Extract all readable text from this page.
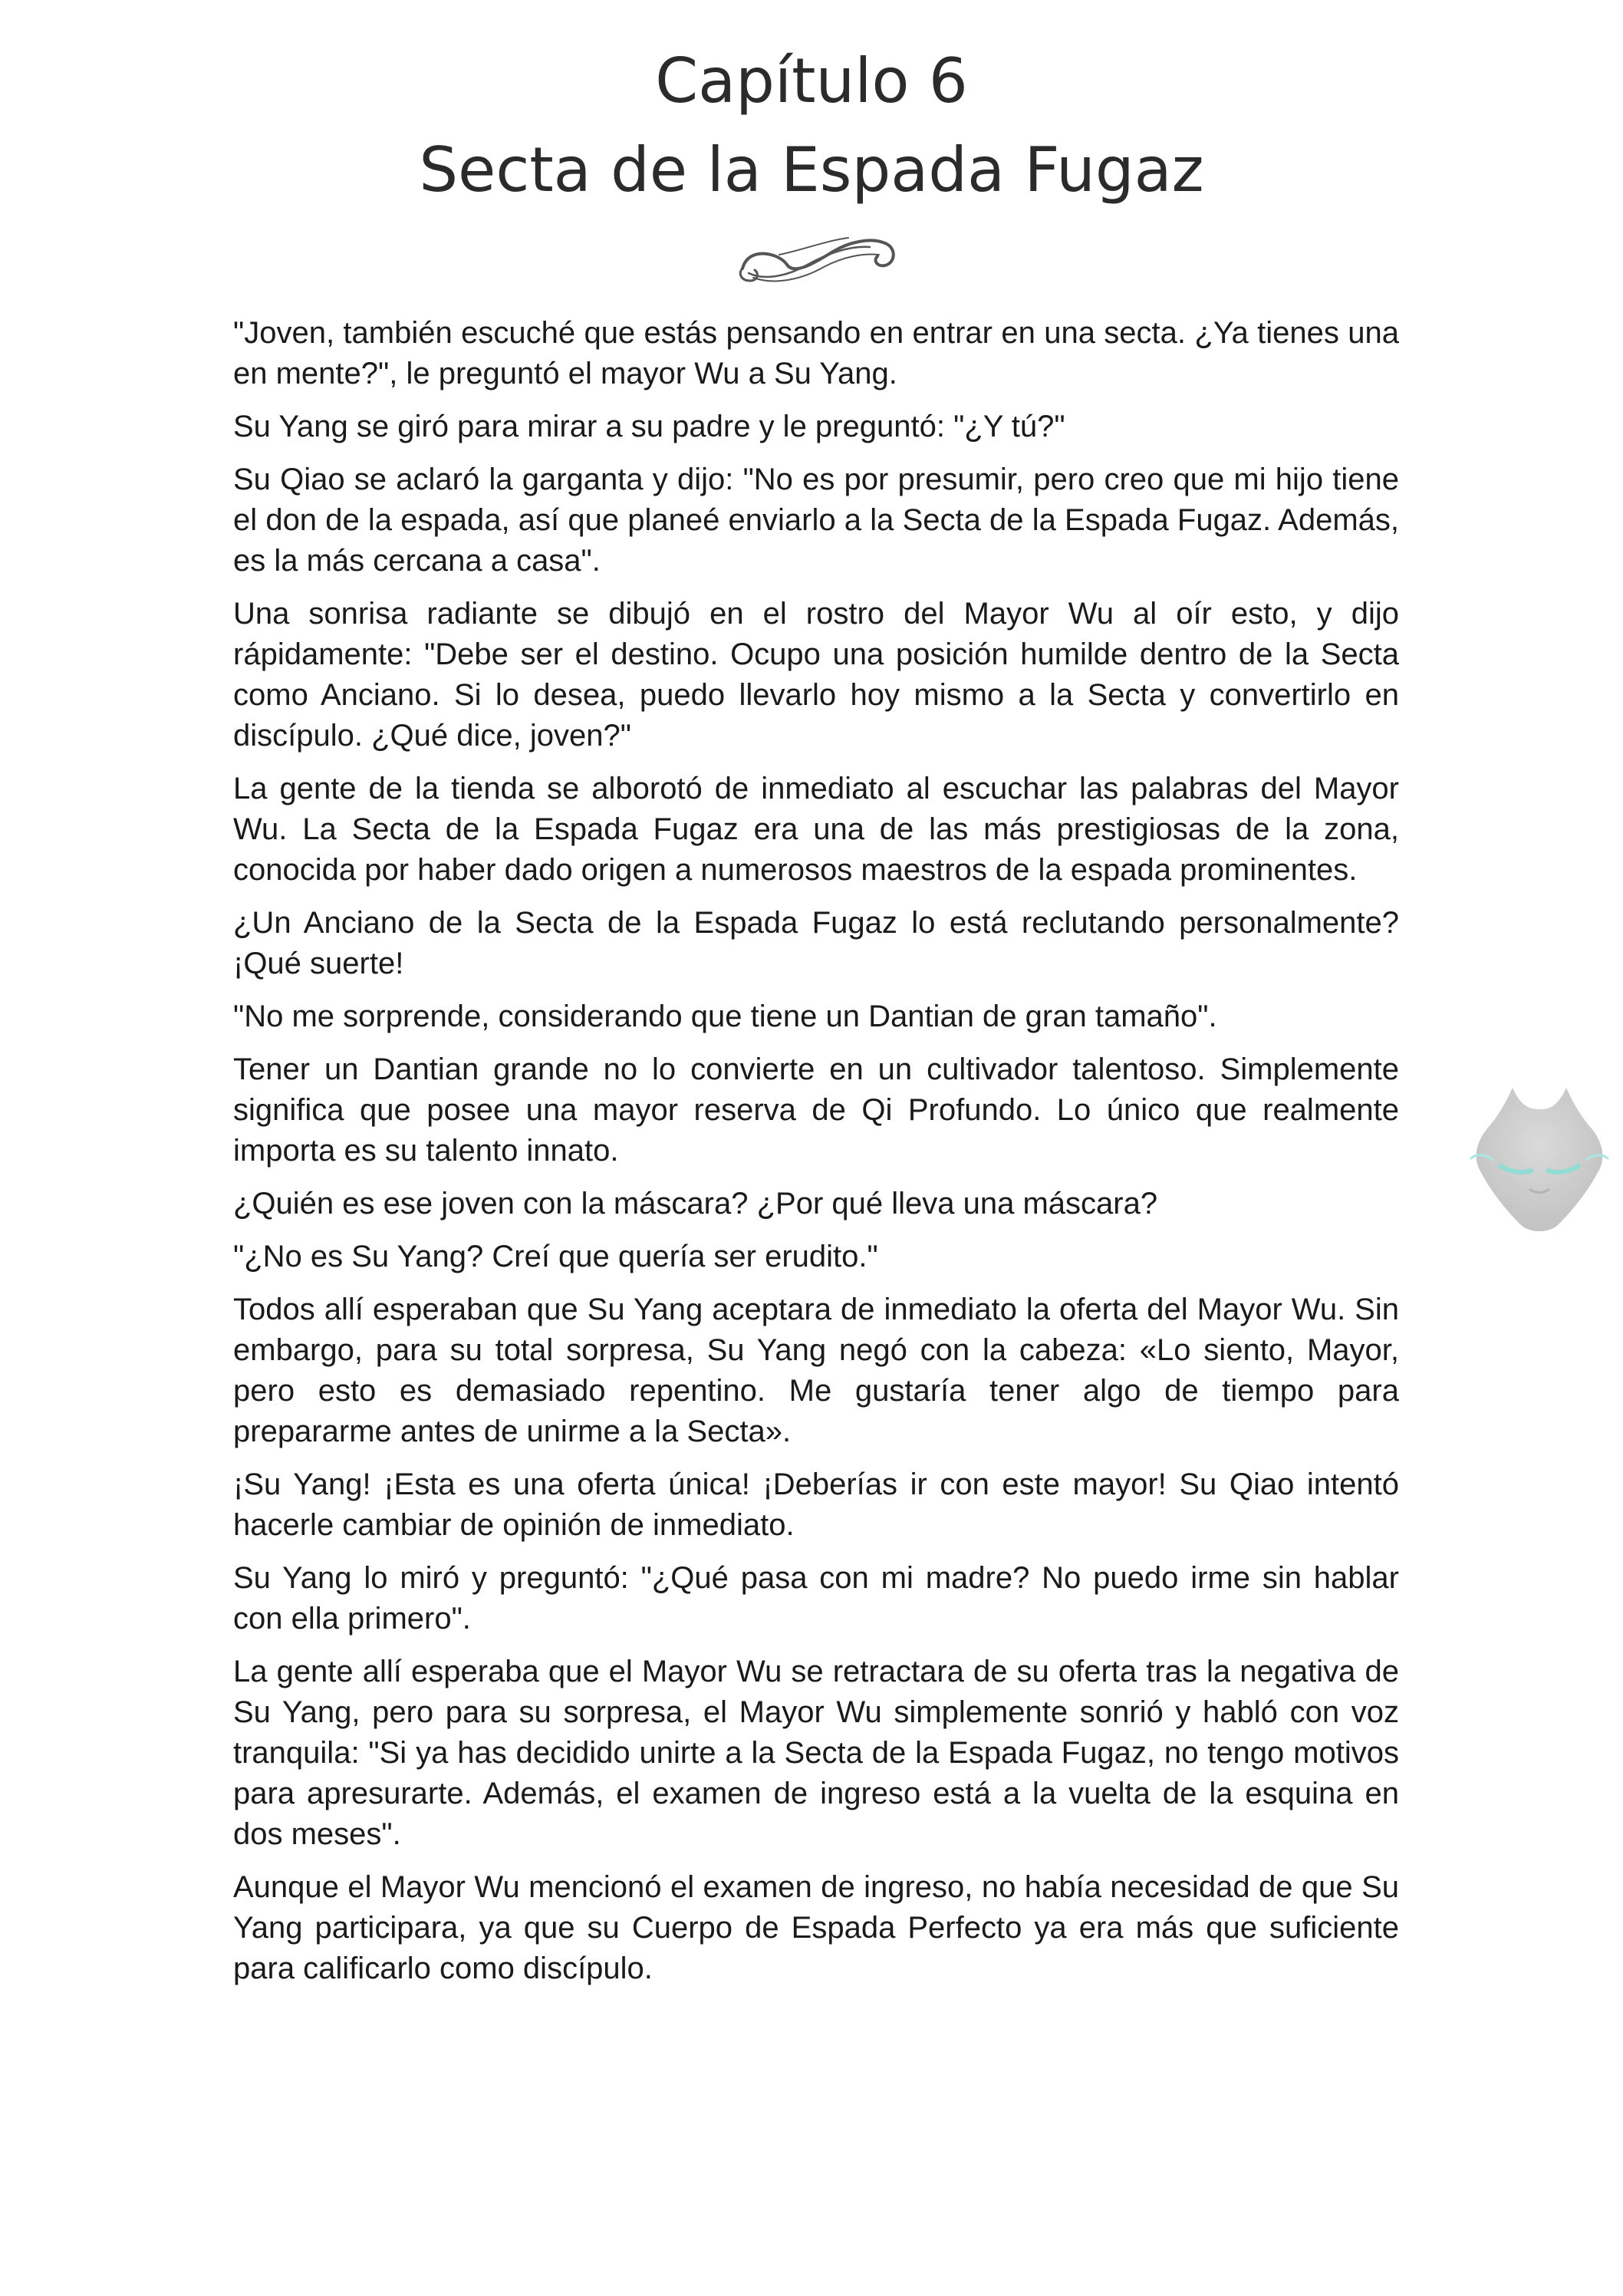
Capítulo 6
Secta de la Espada Fugaz

"Joven, también escuché que estás pensando en entrar en una secta. ¿Ya tienes una en mente?", le preguntó el mayor Wu a Su Yang.

Su Yang se giró para mirar a su padre y le preguntó: "¿Y tú?"

Su Qiao se aclaró la garganta y dijo: "No es por presumir, pero creo que mi hijo tiene el don de la espada, así que planeé enviarlo a la Secta de la Espada Fugaz. Además, es la más cercana a casa".

Una sonrisa radiante se dibujó en el rostro del Mayor Wu al oír esto, y dijo rápidamente: "Debe ser el destino. Ocupo una posición humilde dentro de la Secta como Anciano. Si lo desea, puedo llevarlo hoy mismo a la Secta y convertirlo en discípulo. ¿Qué dice, joven?"

La gente de la tienda se alborotó de inmediato al escuchar las palabras del Mayor Wu. La Secta de la Espada Fugaz era una de las más prestigiosas de la zona, conocida por haber dado origen a numerosos maestros de la espada prominentes.

¿Un Anciano de la Secta de la Espada Fugaz lo está reclutando personalmente? ¡Qué suerte!

"No me sorprende, considerando que tiene un Dantian de gran tamaño".

Tener un Dantian grande no lo convierte en un cultivador talentoso. Simplemente significa que posee una mayor reserva de Qi Profundo. Lo único que realmente importa es su talento innato.

¿Quién es ese joven con la máscara? ¿Por qué lleva una máscara?

"¿No es Su Yang? Creí que quería ser erudito."

Todos allí esperaban que Su Yang aceptara de inmediato la oferta del Mayor Wu. Sin embargo, para su total sorpresa, Su Yang negó con la cabeza: «Lo siento, Mayor, pero esto es demasiado repentino. Me gustaría tener algo de tiempo para prepararme antes de unirme a la Secta».

¡Su Yang! ¡Esta es una oferta única! ¡Deberías ir con este mayor! Su Qiao intentó hacerle cambiar de opinión de inmediato.

Su Yang lo miró y preguntó: "¿Qué pasa con mi madre? No puedo irme sin hablar con ella primero".

La gente allí esperaba que el Mayor Wu se retractara de su oferta tras la negativa de Su Yang, pero para su sorpresa, el Mayor Wu simplemente sonrió y habló con voz tranquila: "Si ya has decidido unirte a la Secta de la Espada Fugaz, no tengo motivos para apresurarte. Además, el examen de ingreso está a la vuelta de la esquina en dos meses".

Aunque el Mayor Wu mencionó el examen de ingreso, no había necesidad de que Su Yang participara, ya que su Cuerpo de Espada Perfecto ya era más que suficiente para calificarlo como discípulo.
